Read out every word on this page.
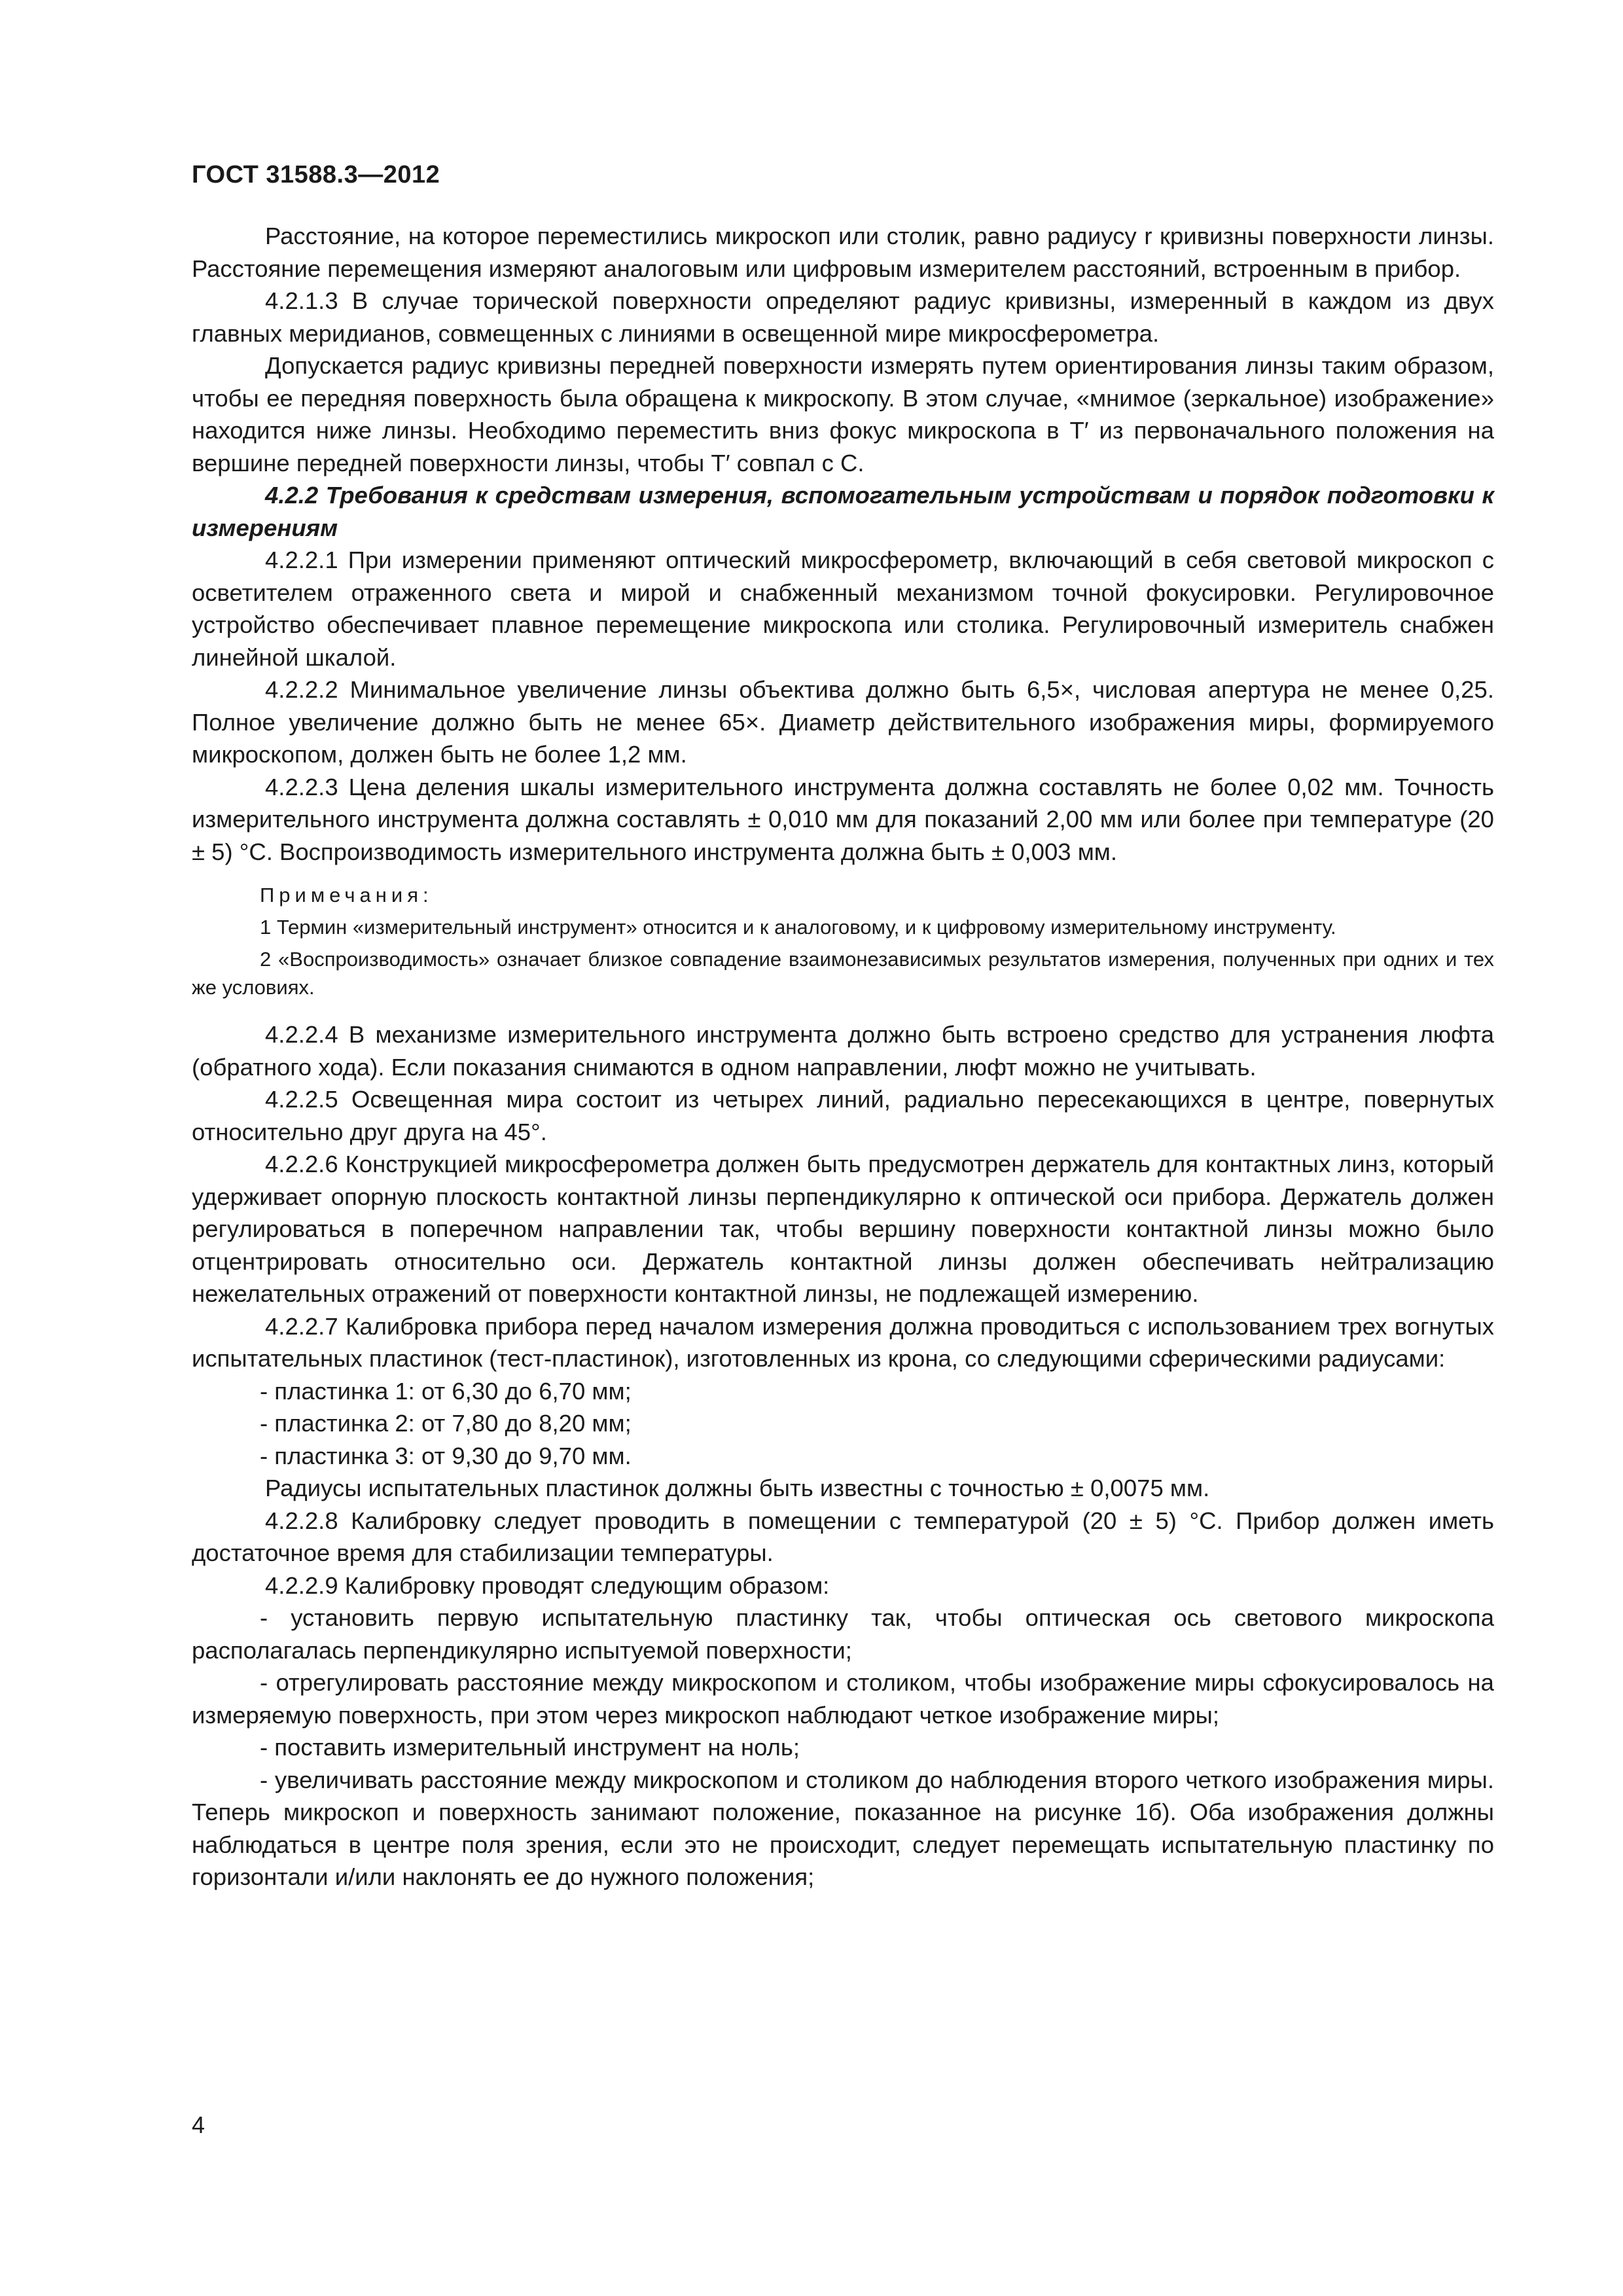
ГОСТ 31588.3—2012

Расстояние, на которое переместились микроскоп или столик, равно радиусу r кривизны поверхности линзы. Расстояние перемещения измеряют аналоговым или цифровым измерителем расстояний, встроенным в прибор.

4.2.1.3 В случае торической поверхности определяют радиус кривизны, измеренный в каждом из двух главных меридианов, совмещенных с линиями в освещенной мире микросферометра.

Допускается радиус кривизны передней поверхности измерять путем ориентирования линзы таким образом, чтобы ее передняя поверхность была обращена к микроскопу. В этом случае, «мнимое (зеркальное) изображение» находится ниже линзы. Необходимо переместить вниз фокус микроскопа в T′ из первоначального положения на вершине передней поверхности линзы, чтобы T′ совпал с C.

4.2.2 Требования к средствам измерения, вспомогательным устройствам и порядок подготовки к измерениям

4.2.2.1 При измерении применяют оптический микросферометр, включающий в себя световой микроскоп с осветителем отраженного света и мирой и снабженный механизмом точной фокусировки. Регулировочное устройство обеспечивает плавное перемещение микроскопа или столика. Регулировочный измеритель снабжен линейной шкалой.

4.2.2.2 Минимальное увеличение линзы объектива должно быть 6,5×, числовая апертура не менее 0,25. Полное увеличение должно быть не менее 65×. Диаметр действительного изображения миры, формируемого микроскопом, должен быть не более 1,2 мм.

4.2.2.3 Цена деления шкалы измерительного инструмента должна составлять не более 0,02 мм. Точность измерительного инструмента должна составлять ± 0,010 мм для показаний 2,00 мм или более при температуре (20 ± 5) °C. Воспроизводимость измерительного инструмента должна быть ± 0,003 мм.

Примечания:

1 Термин «измерительный инструмент» относится и к аналоговому, и к цифровому измерительному инструменту.

2 «Воспроизводимость» означает близкое совпадение взаимонезависимых результатов измерения, полученных при одних и тех же условиях.

4.2.2.4 В механизме измерительного инструмента должно быть встроено средство для устранения люфта (обратного хода). Если показания снимаются в одном направлении, люфт можно не учитывать.

4.2.2.5 Освещенная мира состоит из четырех линий, радиально пересекающихся в центре, повернутых относительно друг друга на 45°.

4.2.2.6 Конструкцией микросферометра должен быть предусмотрен держатель для контактных линз, который удерживает опорную плоскость контактной линзы перпендикулярно к оптической оси прибора. Держатель должен регулироваться в поперечном направлении так, чтобы вершину поверхности контактной линзы можно было отцентрировать относительно оси. Держатель контактной линзы должен обеспечивать нейтрализацию нежелательных отражений от поверхности контактной линзы, не подлежащей измерению.

4.2.2.7 Калибровка прибора перед началом измерения должна проводиться с использованием трех вогнутых испытательных пластинок (тест-пластинок), изготовленных из крона, со следующими сферическими радиусами:

- пластинка 1: от 6,30 до 6,70 мм;

- пластинка 2: от 7,80 до 8,20 мм;

- пластинка 3: от 9,30 до 9,70 мм.

Радиусы испытательных пластинок должны быть известны с точностью ± 0,0075 мм.

4.2.2.8 Калибровку следует проводить в помещении с температурой (20 ± 5) °C. Прибор должен иметь достаточное время для стабилизации температуры.

4.2.2.9 Калибровку проводят следующим образом:

- установить первую испытательную пластинку так, чтобы оптическая ось светового микроскопа располагалась перпендикулярно испытуемой поверхности;

- отрегулировать расстояние между микроскопом и столиком, чтобы изображение миры сфокусировалось на измеряемую поверхность, при этом через микроскоп наблюдают четкое изображение миры;

- поставить измерительный инструмент на ноль;

- увеличивать расстояние между микроскопом и столиком до наблюдения второго четкого изображения миры. Теперь микроскоп и поверхность занимают положение, показанное на рисунке 1б). Оба изображения должны наблюдаться в центре поля зрения, если это не происходит, следует перемещать испытательную пластинку по горизонтали и/или наклонять ее до нужного положения;

4
